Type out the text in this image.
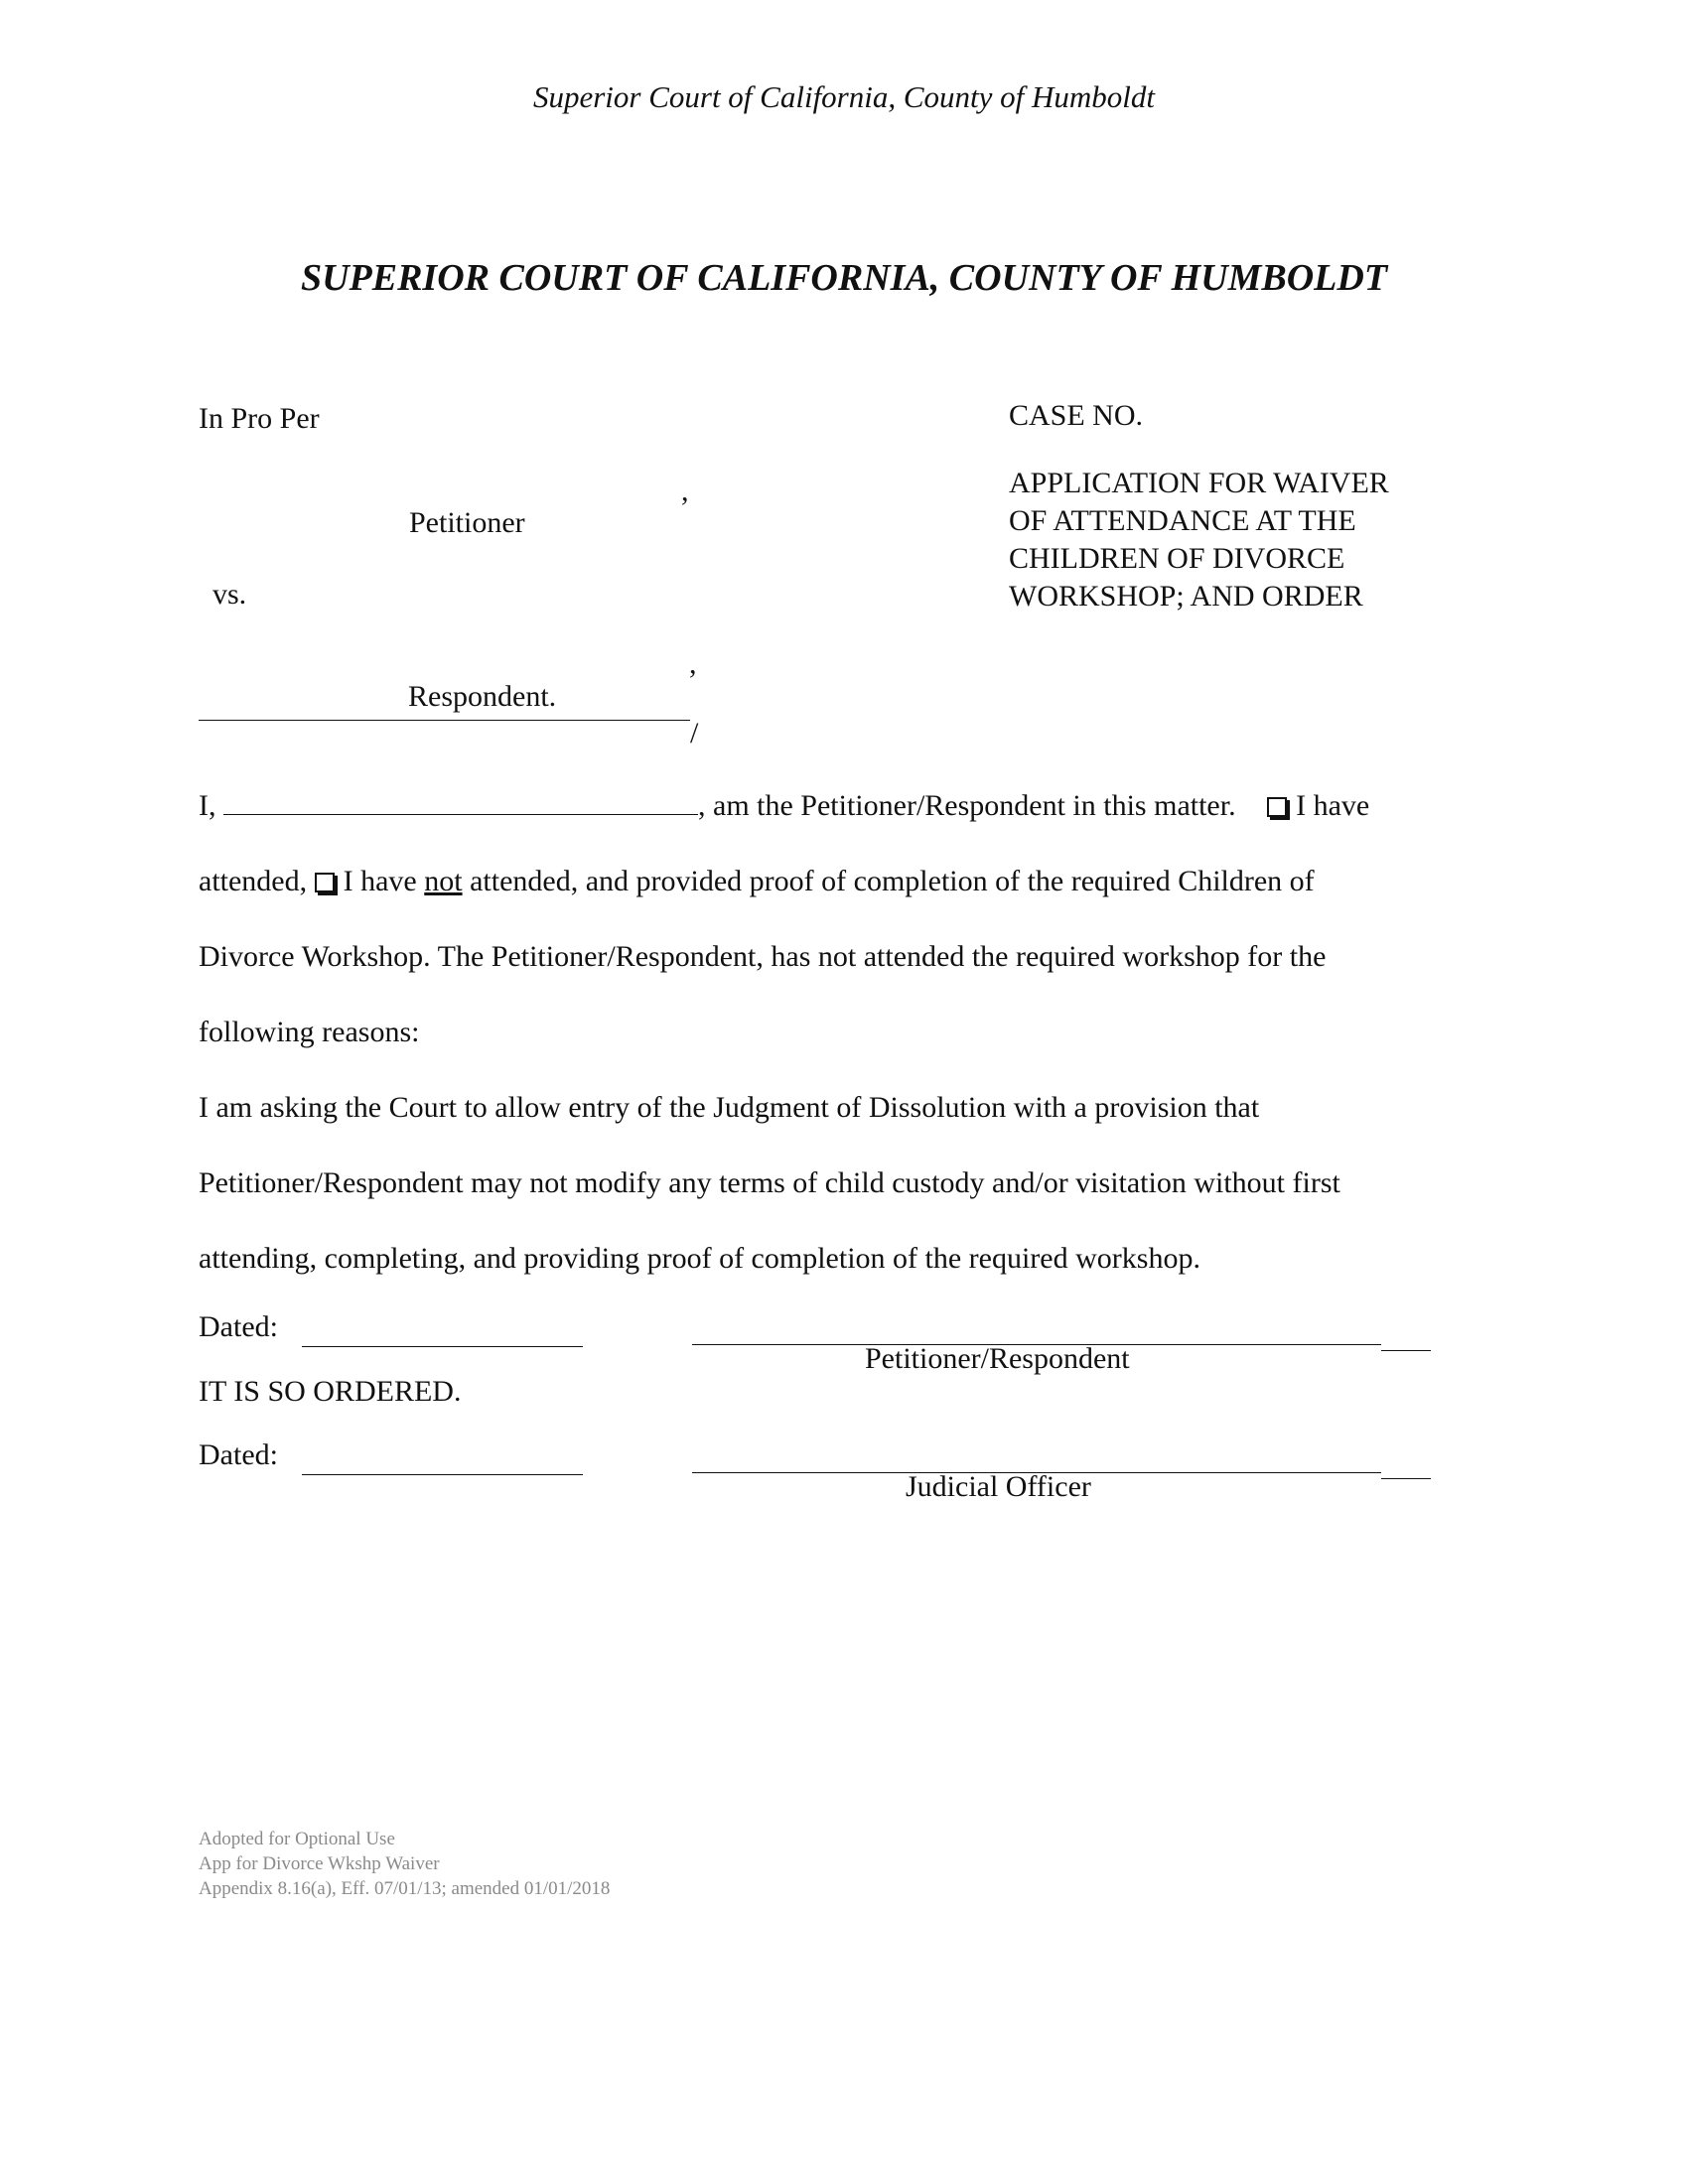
Superior Court of California, County of Humboldt
SUPERIOR COURT OF CALIFORNIA, COUNTY OF HUMBOLDT
In Pro Per
,
Petitioner
vs.
,
Respondent.
/
CASE NO.
APPLICATION FOR WAIVER
OF ATTENDANCE AT THE
CHILDREN OF DIVORCE
WORKSHOP; AND ORDER
I,	, am the Petitioner/Respondent in this matter. I have
attended, I have not attended, and provided proof of completion of the required Children of
Divorce Workshop. The Petitioner/Respondent, has not attended the required workshop for the
following reasons:
I am asking the Court to allow entry of the Judgment of Dissolution with a provision that
Petitioner/Respondent may not modify any terms of child custody and/or visitation without first
attending, completing, and providing proof of completion of the required workshop.
Dated:
Petitioner/Respondent
IT IS SO ORDERED.
Dated:
Judicial Officer
Adopted for Optional Use
App for Divorce Wkshp Waiver
Appendix 8.16(a), Eff. 07/01/13; amended 01/01/2018
